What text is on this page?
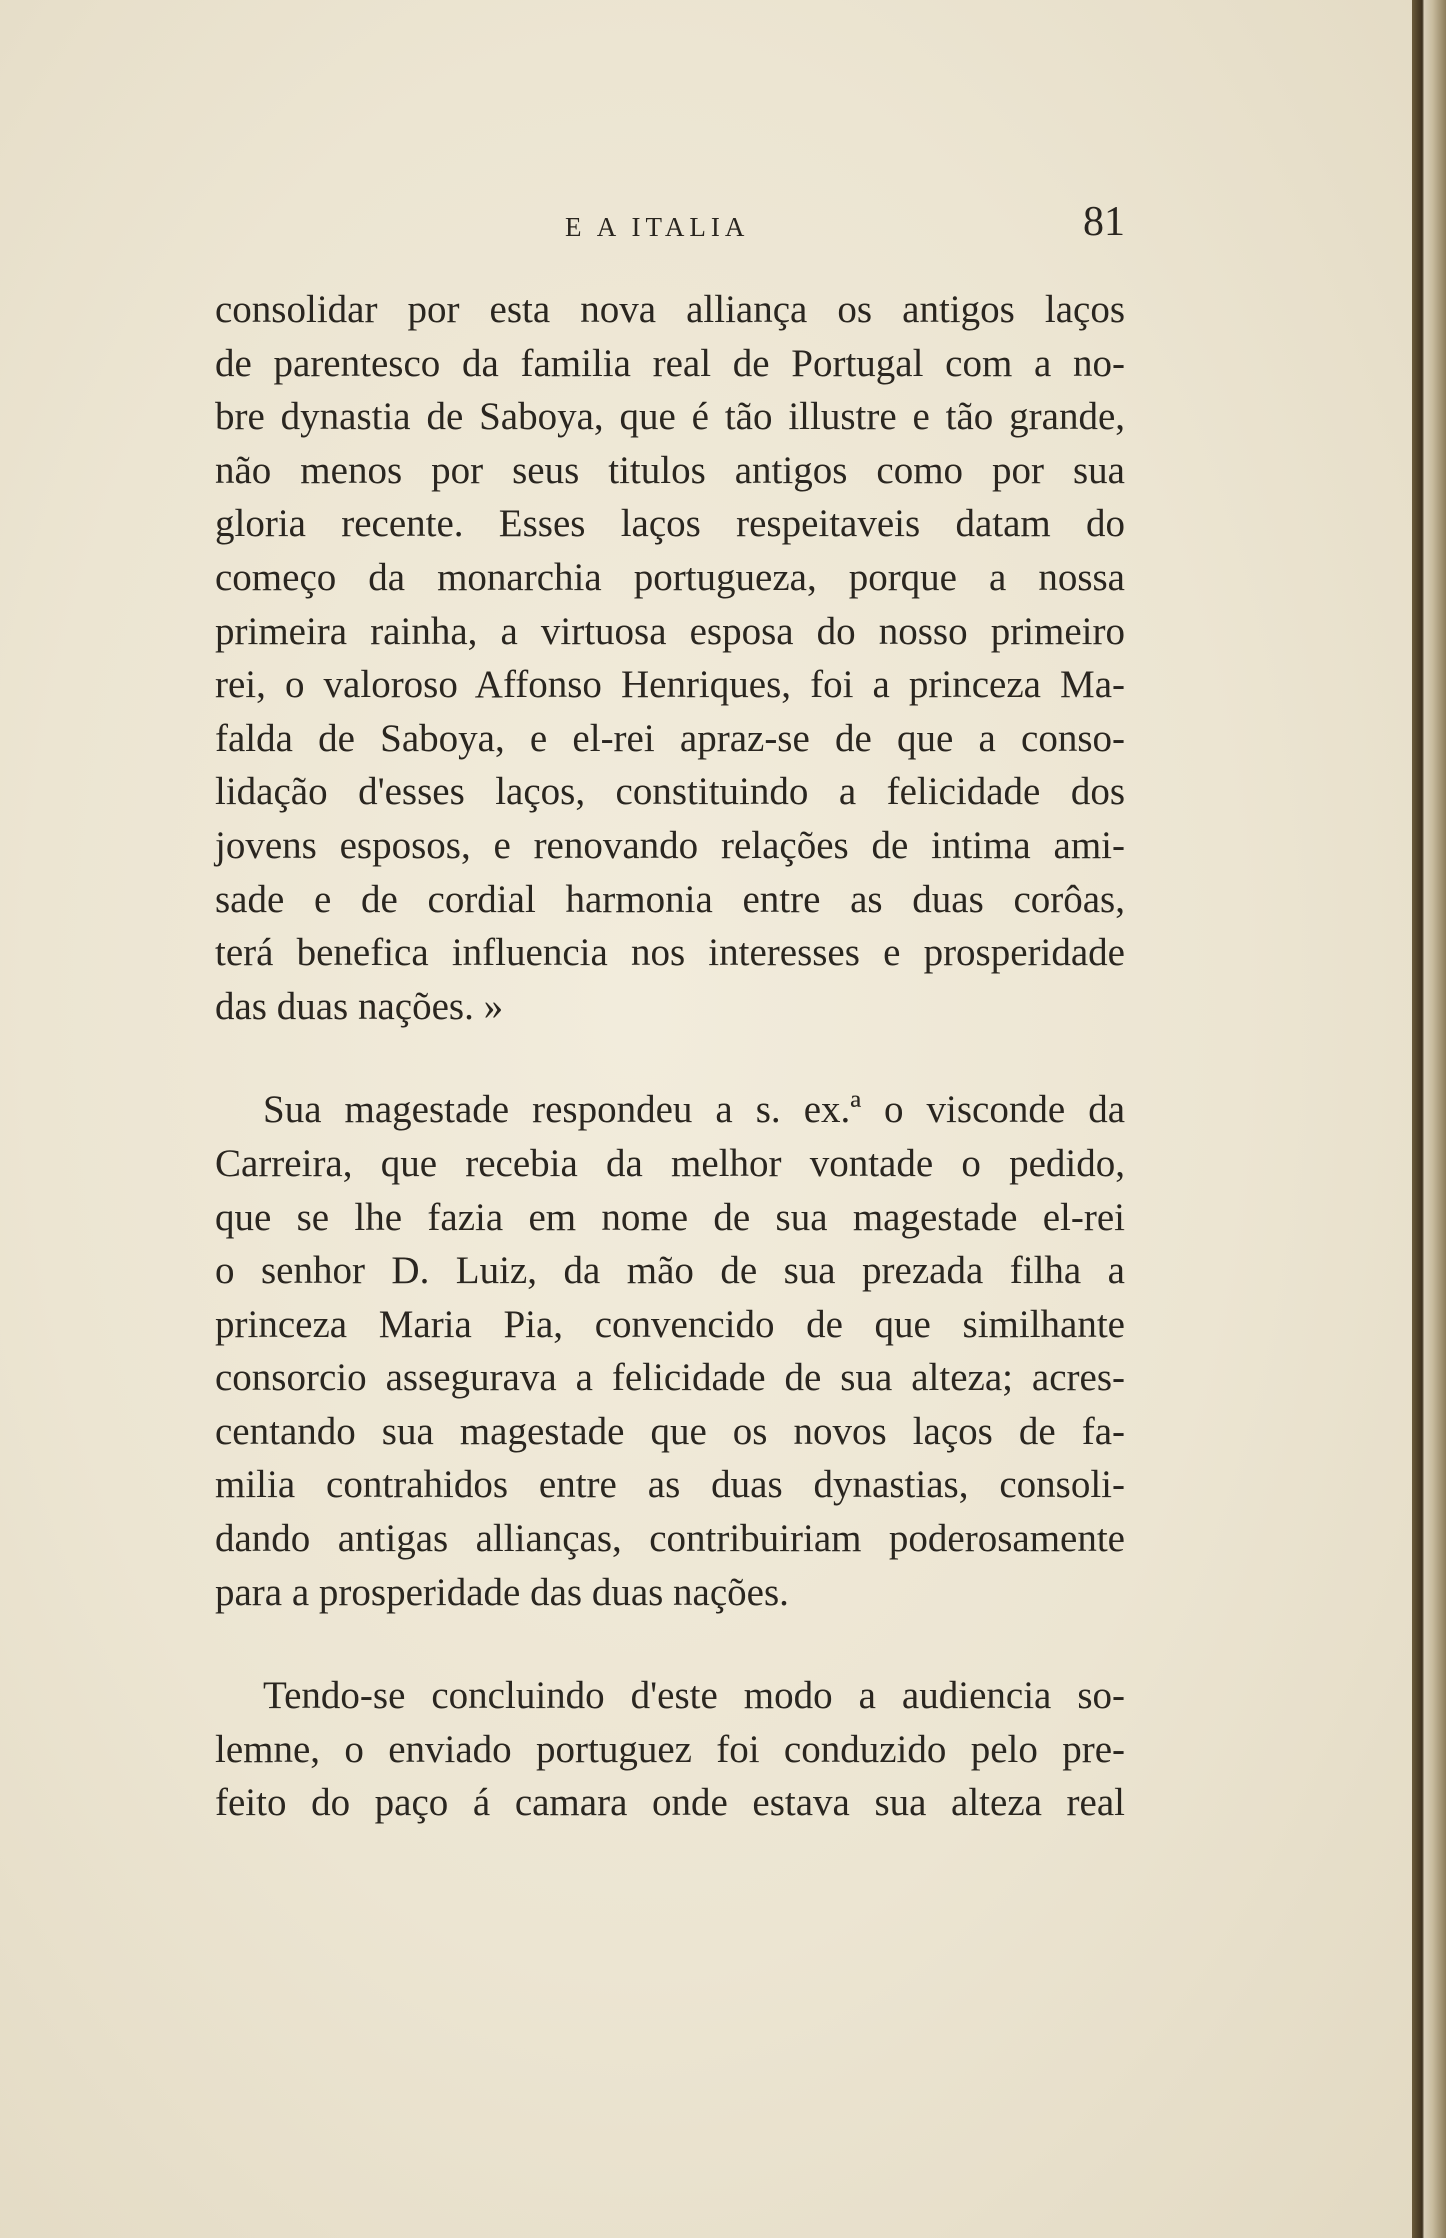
E A ITALIA	81
consolidar por esta nova alliança os antigos laços
de parentesco da familia real de Portugal com a no-
bre dynastia de Saboya, que é tão illustre e tão grande,
não menos por seus titulos antigos como por sua
gloria recente. Esses laços respeitaveis datam do
começo da monarchia portugueza, porque a nossa
primeira rainha, a virtuosa esposa do nosso primeiro
rei, o valoroso Affonso Henriques, foi a princeza Ma-
falda de Saboya, e el-rei apraz-se de que a conso-
lidação d'esses laços, constituindo a felicidade dos
jovens esposos, e renovando relações de intima ami-
sade e de cordial harmonia entre as duas corôas,
terá benefica influencia nos interesses e prosperidade
das duas nações. »
Sua magestade respondeu a s. ex.ª o visconde da
Carreira, que recebia da melhor vontade o pedido,
que se lhe fazia em nome de sua magestade el-rei
o senhor D. Luiz, da mão de sua prezada filha a
princeza Maria Pia, convencido de que similhante
consorcio assegurava a felicidade de sua alteza; acres-
centando sua magestade que os novos laços de fa-
milia contrahidos entre as duas dynastias, consoli-
dando antigas allianças, contribuiriam poderosamente
para a prosperidade das duas nações.
Tendo-se concluindo d'este modo a audiencia so-
lemne, o enviado portuguez foi conduzido pelo pre-
feito do paço á camara onde estava sua alteza real
